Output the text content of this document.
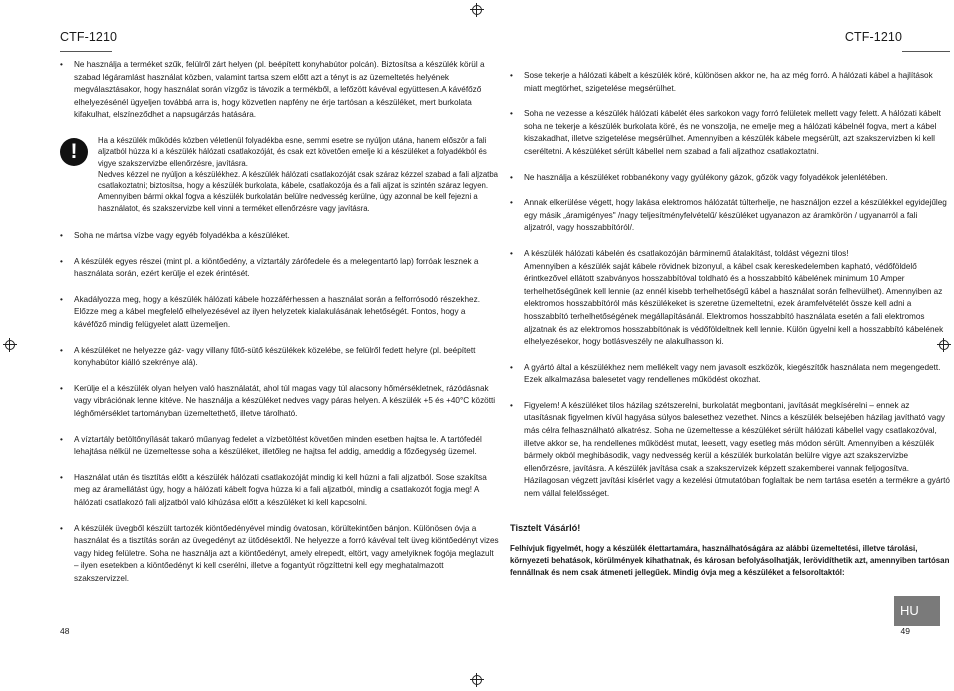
CTF-1210

• Ne használja a terméket szűk, felülről zárt helyen (pl. beépített konyhabútor polcán). Biztosítsa a készülék körül a szabad légáramlást használat közben, valamint tartsa szem előtt azt a tényt is az üzemeltetés helyének megválasztásakor, hogy használat során vízgőz is távozik a termékből, a lefőzött kávéval együttesen.A kávéfőző elhelyezésénél ügyeljen továbbá arra is, hogy közvetlen napfény ne érje tartósan a készüléket, mert burkolata kifakulhat, elszíneződhet a napsugárzás hatására.

!	Ha a készülék működés közben véletlenül folyadékba esne, semmi esetre se nyúljon utána, hanem először a fali aljzatból húzza ki a készülék hálózati csatlakozóját, és csak ezt követően emelje ki a készüléket a folyadékból és vigye szakszervizbe ellenőrzésre, javításra.
Nedves kézzel ne nyúljon a készülékhez. A készülék hálózati csatlakozóját csak száraz kézzel szabad a fali aljzatba csatlakoztatni; biztosítsa, hogy a készülék burkolata, kábele, csatlakozója és a fali aljzat is szintén száraz legyen. Amennyiben bármi okkal fogva a készülék burkolatán belülre nedvesség kerülne, úgy azonnal be kell fejezni a használatot, és szakszervizbe kell vinni a terméket ellenőrzésre vagy javításra.

• Soha ne mártsa vízbe vagy egyéb folyadékba a készüléket.

• A készülék egyes részei (mint pl. a kiöntőedény, a víztartály zárófedele és a melegentartó lap) forróak lesznek a használata során, ezért kerülje el ezek érintését.

• Akadályozza meg, hogy a készülék hálózati kábele hozzáférhessen a használat során a felforrósodó részekhez. Előzze meg a kábel megfelelő elhelyezésével az ilyen helyzetek kialakulásának lehetőségét. Fontos, hogy a kávéfőző mindig felügyelet alatt üzemeljen.

• A készüléket ne helyezze gáz- vagy villany fűtő-sütő készülékek közelébe, se felülről fedett helyre (pl. beépített konyhabútor kiálló szekrénye alá).

• Kerülje el a készülék olyan helyen való használatát, ahol túl magas vagy túl alacsony hőmérsékletnek, rázódásnak vagy vibrációnak lenne kitéve. Ne használja a készüléket nedves vagy páras helyen. A készülék +5 és +40°C közötti léghőmérséklet tartományban üzemeltethető, illetve tárolható.

• A víztartály betöltőnyílását takaró műanyag fedelet a vízbetöltést követően minden esetben hajtsa le. A tartófedél lehajtása nélkül ne üzemeltesse soha a készüléket, illetőleg ne hajtsa fel addig, ameddig a főzőegység üzemel.

• Használat után és tisztítás előtt a készülék hálózati csatlakozóját mindig ki kell húzni a fali aljzatból. Sose szakítsa meg az áramellátást úgy, hogy a hálózati kábelt fogva húzza ki a fali aljzatból, mindig a csatlakozót fogja meg! A hálózati csatlakozó fali aljzatból való kihúzása előtt a készüléket ki kell kapcsolni.

• A készülék üvegből készült tartozék kiöntőedényével mindig óvatosan, körültekintően bánjon. Különösen óvja a használat és a tisztítás során az üvegedényt az ütődésektől. Ne helyezze a forró kávéval telt üveg kiöntőedényt vizes vagy hideg felületre. Soha ne használja azt a kiöntőedényt, amely elrepedt, eltört, vagy amelyiknek fogója meglazult – ilyen esetekben a kiöntőedényt ki kell cserélni, illetve a fogantyút rögzíttetni kell egy meghatalmazott szakszervizzel.

48
CTF-1210

• Sose tekerje a hálózati kábelt a készülék köré, különösen akkor ne, ha az még forró. A hálózati kábel a hajlítások miatt megtörhet, szigetelése megsérülhet.

• Soha ne vezesse a készülék hálózati kábelét éles sarkokon vagy forró felületek mellett vagy felett. A hálózati kábelt soha ne tekerje a készülék burkolata köré, és ne vonszolja, ne emelje meg a hálózati kábelnél fogva, mert a kábel kiszakadhat, illetve szigetelése megsérülhet. Amennyiben a készülék kábele megsérült, azt szakszervizben ki kell cseréltetni. A készüléket sérült kábellel nem szabad a fali aljzathoz csatlakoztatni.

• Ne használja a készüléket robbanékony vagy gyúlékony gázok, gőzök vagy folyadékok jelenlétében.

• Annak elkerülése végett, hogy lakása elektromos hálózatát túlterhelje, ne használjon ezzel a készülékkel egyidejűleg egy másik „áramigényes" /nagy teljesítményfelvételű/ készüléket ugyanazon az áramkörön / ugyanarról a fali aljzatról, vagy hosszabbítóról/.

• A készülék hálózati kábelén és csatlakozóján bárminemű átalakítást, toldást végezni tilos!
Amennyiben a készülék saját kábele rövidnek bizonyul, a kábel csak kereskedelemben kapható, védőföldelő érintkezővel ellátott szabványos hosszabbítóval toldható és a hosszabbító kábelének minimum 10 Amper terhelhetőségűnek kell lennie (az ennél kisebb terhelhetőségű kábel a használat során felhevülhet). Amennyiben az elektromos hosszabbítóról más készülékeket is szeretne üzemeltetni, ezek áramfelvételét össze kell adni a hosszabbító terhelhetőségének megállapításánál. Elektromos hosszabbító használata esetén a fali elektromos aljzatnak és az elektromos hosszabbítónak is védőföldeltnek kell lennie. Külön ügyelni kell a hosszabbító kábelének elhelyezésekor, hogy botlásveszély ne alakulhasson ki.

• A gyártó által a készülékhez nem mellékelt vagy nem javasolt eszközök, kiegészítők használata nem megengedett. Ezek alkalmazása balesetet vagy rendellenes működést okozhat.

• Figyelem! A készüléket tilos házilag szétszerelni, burkolatát megbontani, javítását megkísérelni – ennek az utasításnak figyelmen kívül hagyása súlyos balesethez vezethet. Nincs a készülék belsejében házilag javítható vagy más célra felhasználható alkatrész. Soha ne üzemeltesse a készüléket sérült hálózati kábellel vagy csatlakozóval, illetve akkor se, ha rendellenes működést mutat, leesett, vagy esetleg más módon sérült. Amennyiben a készülék bármely okból meghibásodik, vagy nedvesség kerül a készülék burkolatán belülre vigye azt szakszervizbe ellenőrzésre, javításra. A készülék javítása csak a szakszervizek képzett szakemberei vannak feljogosítva. Házilagosan végzett javítási kísérlet vagy a kezelési útmutatóban foglaltak be nem tartása esetén a termékre a gyártó nem vállal felelősséget.

Tisztelt Vásárló!

Felhívjuk figyelmét, hogy a készülék élettartamára, használhatóságára az alábbi üzemeltetési, illetve tárolási, környezeti behatások, körülmények kihathatnak, és károsan befolyásolhatják, lerövidíthetik azt, amennyiben tartósan fennállnak és nem csak átmeneti jellegűek. Mindig óvja meg a készüléket a felsoroltaktól:

49
HU
